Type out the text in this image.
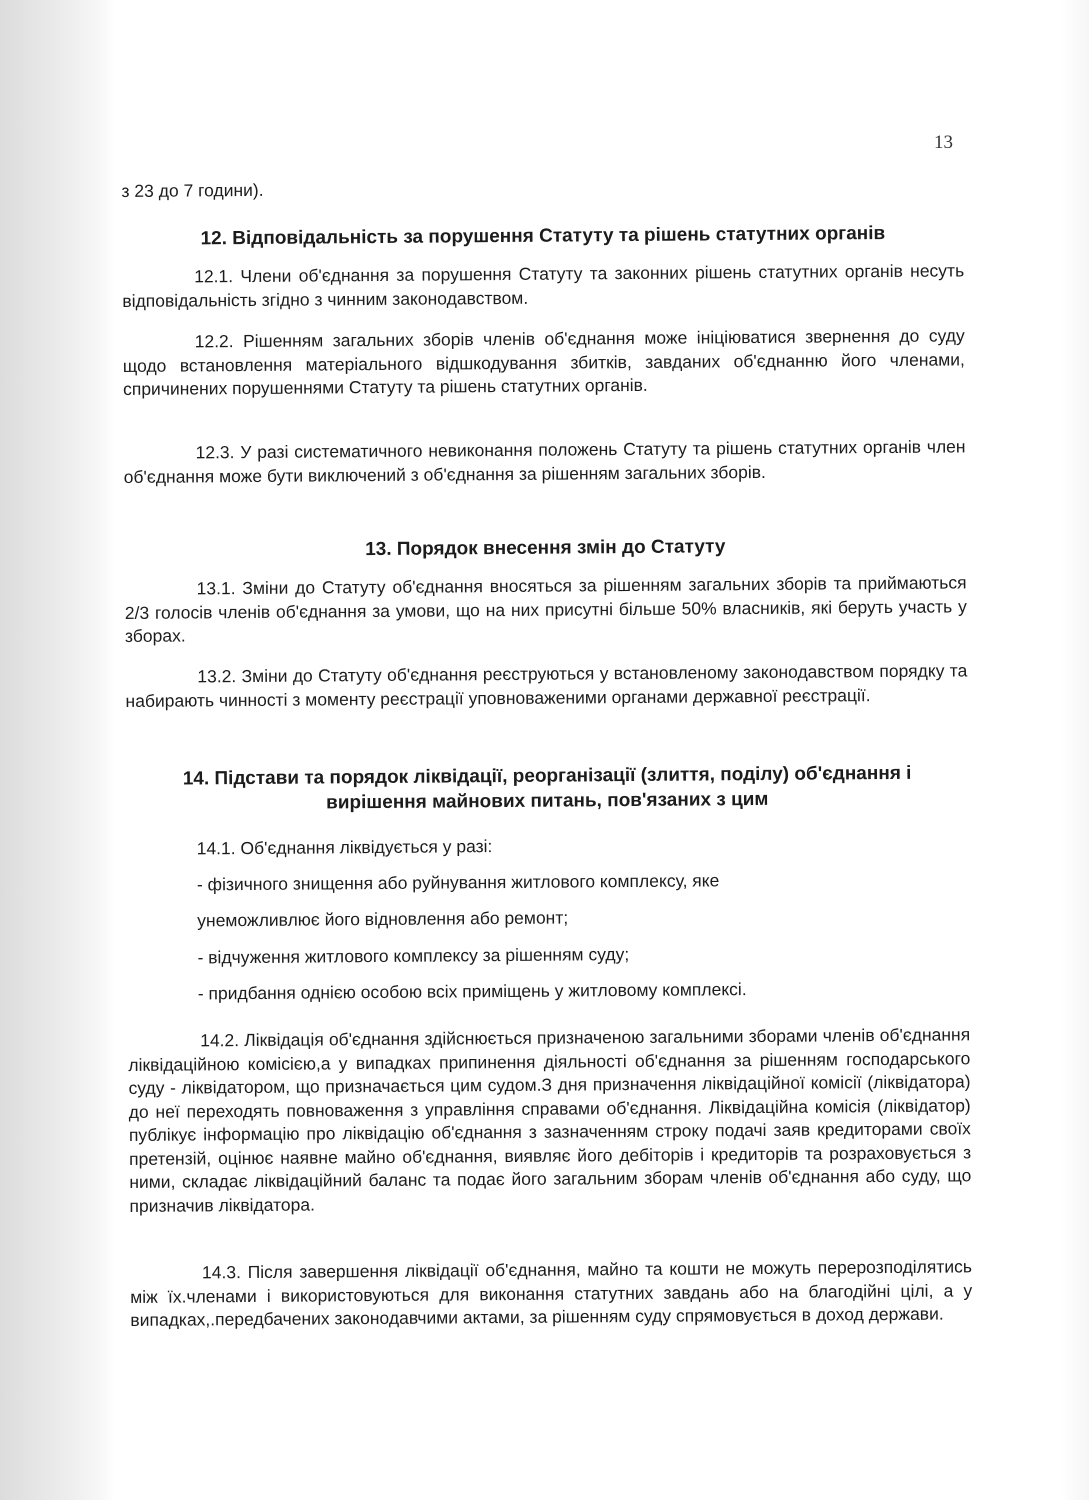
13
з 23 до 7 години).
12. Відповідальність за порушення Статуту та рішень статутних органів
12.1. Члени об'єднання за порушення Статуту та законних рішень статутних органів несуть відповідальність згідно з чинним законодавством.
12.2. Рішенням загальних зборів членів об'єднання може ініціюватися звернення до суду щодо встановлення матеріального відшкодування збитків, завданих об'єднанню його членами, спричинених порушеннями Статуту та рішень статутних органів.
12.3. У разі систематичного невиконання положень Статуту та рішень статутних органів член об'єднання може бути виключений з об'єднання за рішенням загальних зборів.
13. Порядок внесення змін до Статуту
13.1. Зміни до Статуту об'єднання вносяться за рішенням загальних зборів та приймаються 2/3 голосів членів об'єднання за умови, що на них присутні більше 50% власників, які беруть участь у зборах.
13.2. Зміни до Статуту об'єднання реєструються у встановленому законодавством порядку та набирають чинності з моменту реєстрації уповноваженими органами державної реєстрації.
14. Підстави та порядок ліквідації, реорганізації (злиття, поділу) об'єднання і
вирішення майнових питань, пов'язаних з цим
14.1. Об'єднання ліквідується у разі:
- фізичного знищення або руйнування житлового комплексу, яке
унеможливлює його відновлення або ремонт;
- відчуження житлового комплексу за рішенням суду;
- придбання однією особою всіх приміщень у житловому комплексі.
14.2. Ліквідація об'єднання здійснюється призначеною загальними зборами членів об'єднання ліквідаційною комісією,а у випадках припинення діяльності об'єднання за рішенням господарського суду - ліквідатором, що призначається цим судом.З дня призначення ліквідаційної комісії (ліквідатора) до неї переходять повноваження з управління справами об'єднання. Ліквідаційна комісія (ліквідатор) публікує інформацію про ліквідацію об'єднання з зазначенням строку подачі заяв кредиторами своїх претензій, оцінює наявне майно об'єднання, виявляє його дебіторів і кредиторів та розраховується з ними, складає ліквідаційний баланс та подає його загальним зборам членів об'єднання або суду, що призначив ліквідатора.
14.3. Після завершення ліквідації об'єднання, майно та кошти не можуть перерозподілятись між їх.членами і використовуються для виконання статутних завдань або на благодійні цілі, а у випадках,.передбачених законодавчими актами, за рішенням суду спрямовується в доход держави.
